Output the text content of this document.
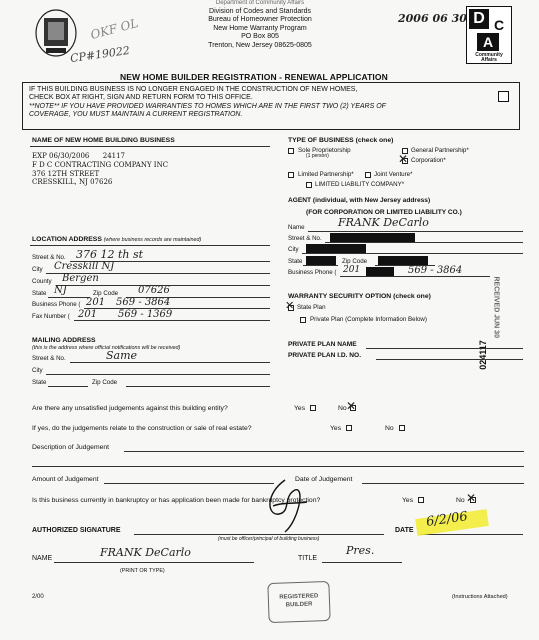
Department of Community Affairs
Division of Codes and Standards
Bureau of Homeowner Protection
New Home Warranty Program
PO Box 805
Trenton, New Jersey 08625-0805
D C
A
Community Affairs
2006 06 30
OKF OL
CP#19022
NEW HOME BUILDER REGISTRATION - RENEWAL APPLICATION
IF THIS BUILDING BUSINESS IS NO LONGER ENGAGED IN THE CONSTRUCTION OF NEW HOMES,
CHECK BOX AT RIGHT, SIGN AND RETURN FORM TO THIS OFFICE.
**NOTE** IF YOU HAVE PROVIDED WARRANTIES TO HOMES WHICH ARE IN THE FIRST TWO (2) YEARS OF
COVERAGE, YOU MUST MAINTAIN A CURRENT REGISTRATION.
NAME OF NEW HOME BUILDING BUSINESS
EXP 06/30/2006 24117
F D C CONTRACTING COMPANY INC
376 12TH STREET
CRESSKILL, NJ 07626
TYPE OF BUSINESS (check one)
Sole Proprietorship
(1 person)
General Partnership*
✕ Corporation*
Limited Partnership*	Joint Venture*
LIMITED LIABILITY COMPANY*
AGENT (individual, with New Jersey address)
(FOR CORPORATION OR LIMITED LIABILITY CO.)
Name	FRANK DeCarlo
Street & No.
City
State	Zip Code
Business Phone ( 201	569 - 3864
RECEIVED JUN 30
024117
LOCATION ADDRESS (where business records are maintained)
Street & No. 376 12 th st
City Cresskill NJ
County Bergen
State NJ	Zip Code 07626
Business Phone ( 201 569 - 3864
Fax Number ( 201 569 - 1369
WARRANTY SECURITY OPTION (check one)
✕ State Plan
Private Plan (Complete Information Below)
MAILING ADDRESS
(this is the address where official notifications will be received)
Street & No.	Same
City
State	Zip Code
PRIVATE PLAN NAME
PRIVATE PLAN I.D. NO.
Are there any unsatisfied judgements against this building entity?	Yes	No ✕
If yes, do the judgements relate to the construction or sale of real estate?	Yes	No
Description of Judgement
Amount of Judgement	Date of Judgement
Is this business currently in bankruptcy or has application been made for bankruptcy protection?	Yes	No ✕
AUTHORIZED SIGNATURE
(must be officer/principal of building business)
DATE
6/2/06
NAME	FRANK DeCarlo
(PRINT OR TYPE)
TITLE
Pres.
2/00	REGISTERED BUILDER
(Instructions Attached)
